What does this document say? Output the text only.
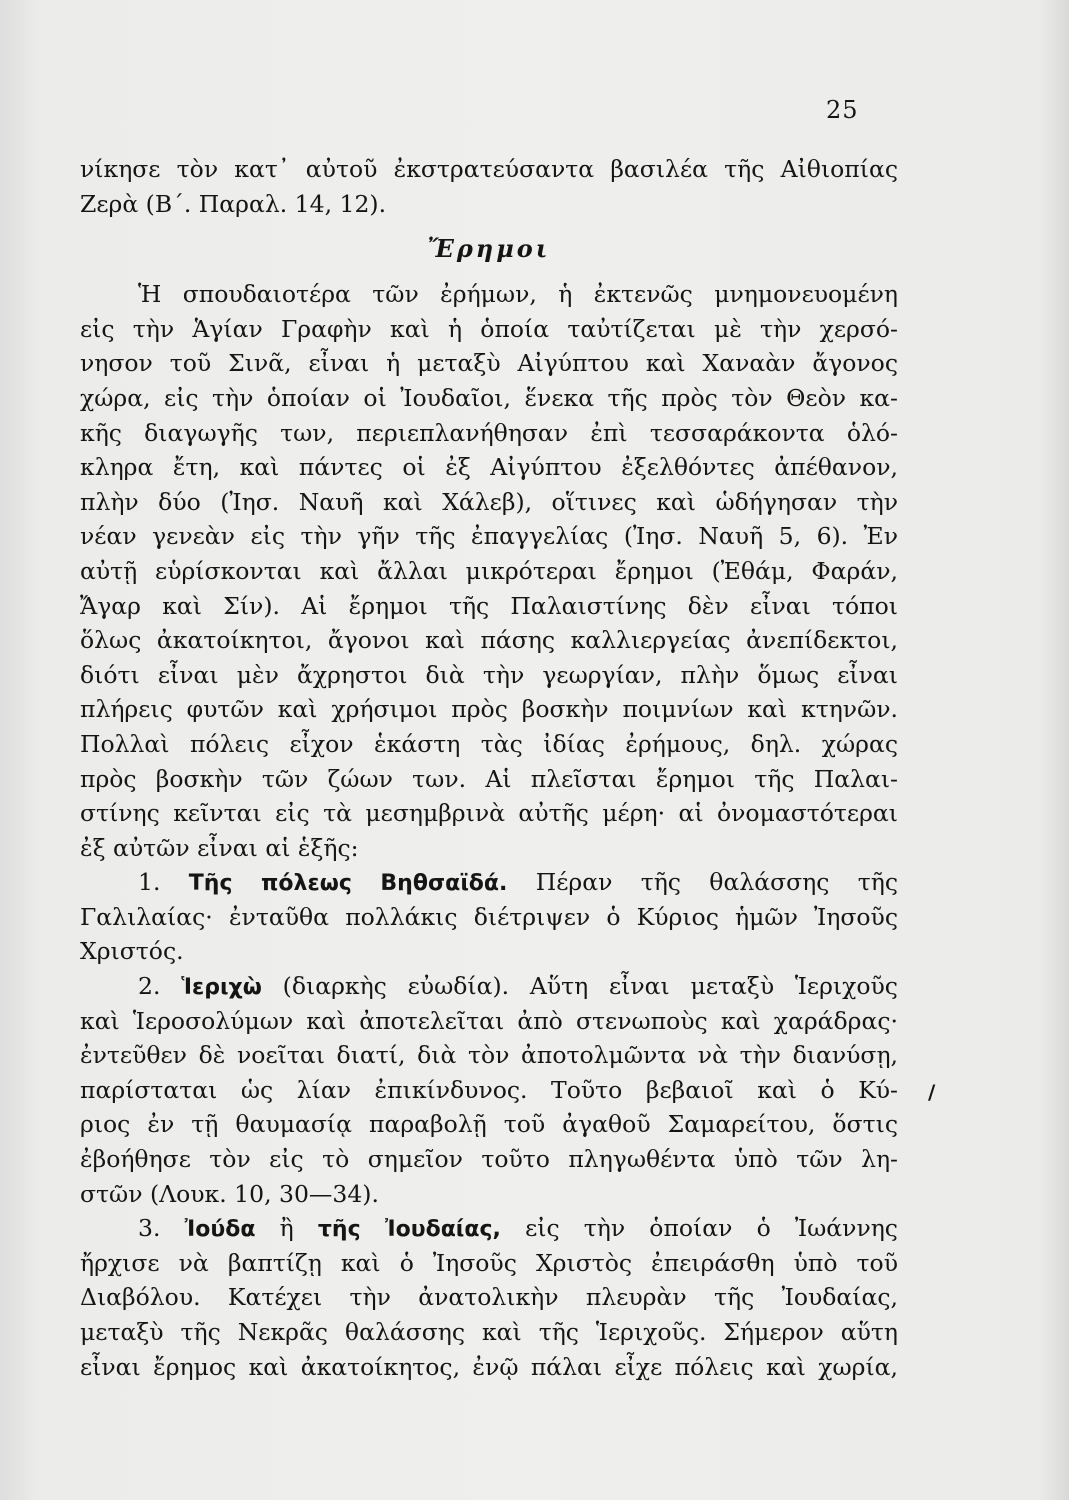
25
/
νίκησε τὸν κατ᾽ αὐτοῦ ἐκστρατεύσαντα βασιλέα τῆς Αἰθιοπίας
Ζερὰ (Β΄. Παραλ. 14, 12).
Ἔρημοι
Ἡ σπουδαιοτέρα τῶν ἐρήμων, ἡ ἐκτενῶς μνημονευομένη
εἰς τὴν Ἁγίαν Γραφὴν καὶ ἡ ὁποία ταὐτίζεται μὲ τὴν χερσό-
νησον τοῦ Σινᾶ, εἶναι ἡ μεταξὺ Αἰγύπτου καὶ Χαναὰν ἄγονος
χώρα, εἰς τὴν ὁποίαν οἱ Ἰουδαῖοι, ἕνεκα τῆς πρὸς τὸν Θεὸν κα-
κῆς διαγωγῆς των, περιεπλανήθησαν ἐπὶ τεσσαράκοντα ὁλό-
κληρα ἔτη, καὶ πάντες οἱ ἐξ Αἰγύπτου ἐξελθόντες ἀπέθανον,
πλὴν δύο (Ἰησ. Ναυῆ καὶ Χάλεβ), οἵτινες καὶ ὡδήγησαν τὴν
νέαν γενεὰν εἰς τὴν γῆν τῆς ἐπαγγελίας (Ἰησ. Ναυῆ 5, 6). Ἐν
αὐτῇ εὑρίσκονται καὶ ἄλλαι μικρότεραι ἔρημοι (Ἐθάμ, Φαράν,
Ἄγαρ καὶ Σίν). Αἱ ἔρημοι τῆς Παλαιστίνης δὲν εἶναι τόποι
ὅλως ἀκατοίκητοι, ἄγονοι καὶ πάσης καλλιεργείας ἀνεπίδεκτοι,
διότι εἶναι μὲν ἄχρηστοι διὰ τὴν γεωργίαν, πλὴν ὅμως εἶναι
πλήρεις φυτῶν καὶ χρήσιμοι πρὸς βοσκὴν ποιμνίων καὶ κτηνῶν.
Πολλαὶ πόλεις εἶχον ἑκάστη τὰς ἰδίας ἐρήμους, δηλ. χώρας
πρὸς βοσκὴν τῶν ζώων των. Αἱ πλεῖσται ἔρημοι τῆς Παλαι-
στίνης κεῖνται εἰς τὰ μεσημβρινὰ αὐτῆς μέρη· αἱ ὀνομαστότεραι
ἐξ αὐτῶν εἶναι αἱ ἑξῆς:
1. Τῆς πόλεως Βηθσαϊδά. Πέραν τῆς θαλάσσης τῆς
Γαλιλαίας· ἐνταῦθα πολλάκις διέτριψεν ὁ Κύριος ἡμῶν Ἰησοῦς
Χριστός.
2. Ἱεριχὼ (διαρκὴς εὐωδία). Αὕτη εἶναι μεταξὺ Ἱεριχοῦς
καὶ Ἱεροσολύμων καὶ ἀποτελεῖται ἀπὸ στενωποὺς καὶ χαράδρας·
ἐντεῦθεν δὲ νοεῖται διατί, διὰ τὸν ἀποτολμῶντα νὰ τὴν διανύσῃ,
παρίσταται ὡς λίαν ἐπικίνδυνος. Τοῦτο βεβαιοῖ καὶ ὁ Κύ-
ριος ἐν τῇ θαυμασίᾳ παραβολῇ τοῦ ἀγαθοῦ Σαμαρείτου, ὅστις
ἐβοήθησε τὸν εἰς τὸ σημεῖον τοῦτο πληγωθέντα ὑπὸ τῶν λη-
στῶν (Λουκ. 10, 30—34).
3. Ἰούδα ἢ τῆς Ἰουδαίας, εἰς τὴν ὁποίαν ὁ Ἰωάννης
ἤρχισε νὰ βαπτίζῃ καὶ ὁ Ἰησοῦς Χριστὸς ἐπειράσθη ὑπὸ τοῦ
Διαβόλου. Κατέχει τὴν ἀνατολικὴν πλευρὰν τῆς Ἰουδαίας,
μεταξὺ τῆς Νεκρᾶς θαλάσσης καὶ τῆς Ἱεριχοῦς. Σήμερον αὕτη
εἶναι ἔρημος καὶ ἀκατοίκητος, ἐνῷ πάλαι εἶχε πόλεις καὶ χωρία,
